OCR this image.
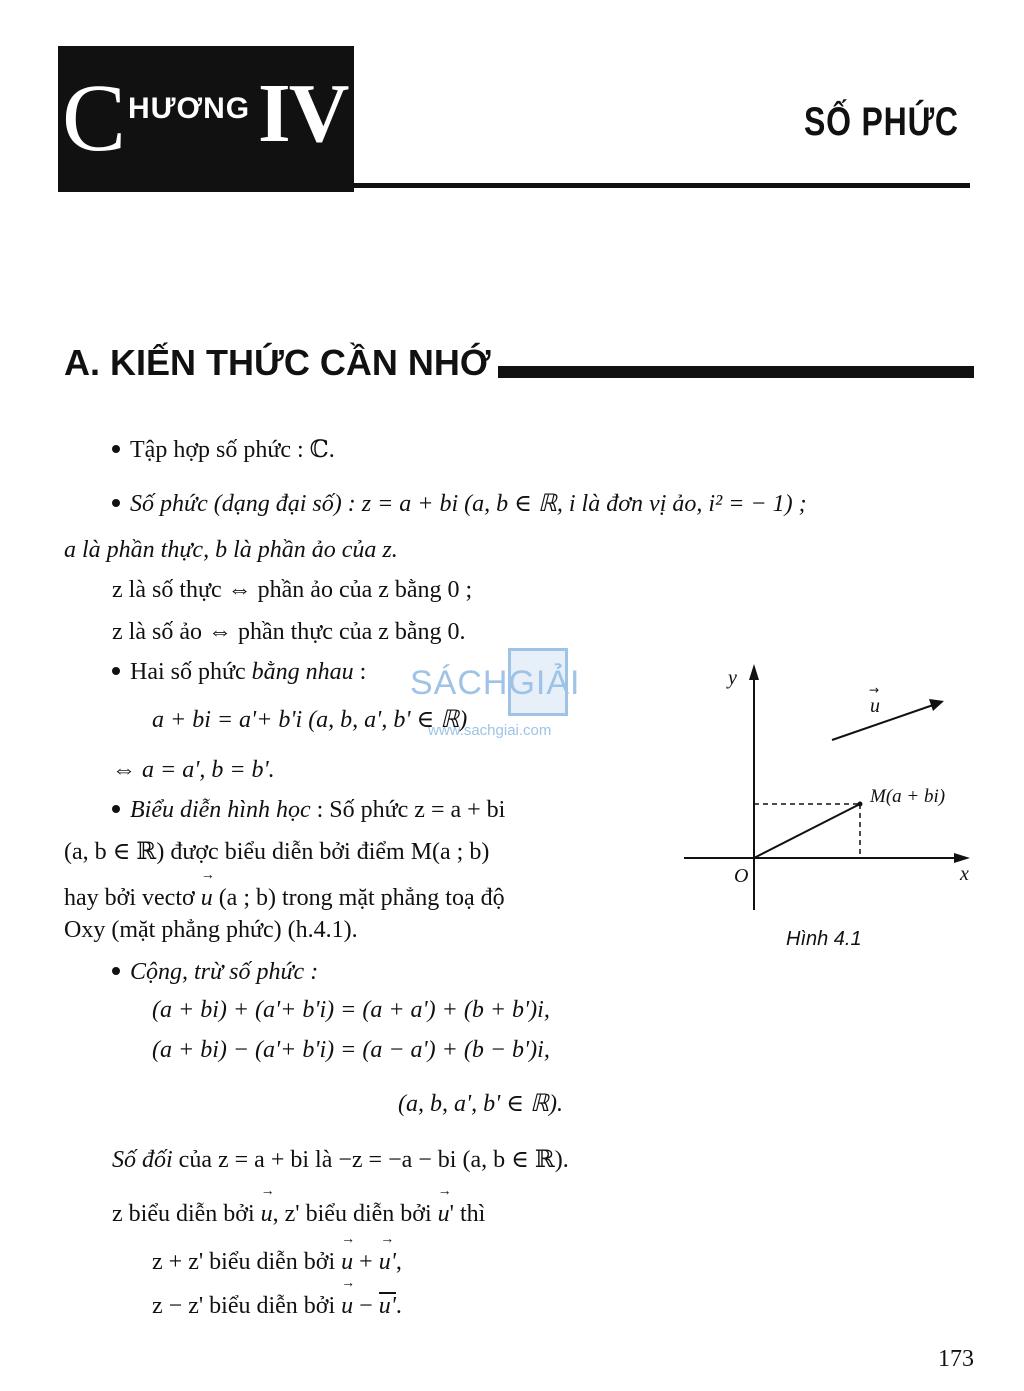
C HƯƠNG IV	SỐ PHỨC
A. KIẾN THỨC CẦN NHỚ
Tập hợp số phức : ℂ.
Số phức (dạng đại số) : z = a + bi (a, b ∈ ℝ, i là đơn vị ảo, i² = − 1) ;
a là phần thực, b là phần ảo của z.
z là số thực ⇔ phần ảo của z bằng 0 ;
z là số ảo ⇔ phần thực của z bằng 0.
Hai số phức bằng nhau :
a + bi = a'+ b'i (a, b, a', b' ∈ ℝ)
⇔ a = a', b = b'.
Biểu diễn hình học : Số phức z = a + bi
(a, b ∈ ℝ) được biểu diễn bởi điểm M(a ; b)
hay bởi vectơ → u (a ; b) trong mặt phẳng toạ độ
Oxy (mặt phẳng phức) (h.4.1).
Cộng, trừ số phức :
(a + bi) + (a'+ b'i) = (a + a') + (b + b')i,
(a + bi) − (a'+ b'i) = (a − a') + (b − b')i,
(a, b, a', b' ∈ ℝ).
Số đối của z = a + bi là −z = −a − bi (a, b ∈ ℝ).
z biểu diễn bởi → u, z' biểu diễn bởi → u' thì
z + z' biểu diễn bởi → u + → u',
z − z' biểu diễn bởi → u − u'.
SÁCHGIẢI
www.sachgiai.com
y
x
O
M(a + bi)
u
→
Hình 4.1
173
